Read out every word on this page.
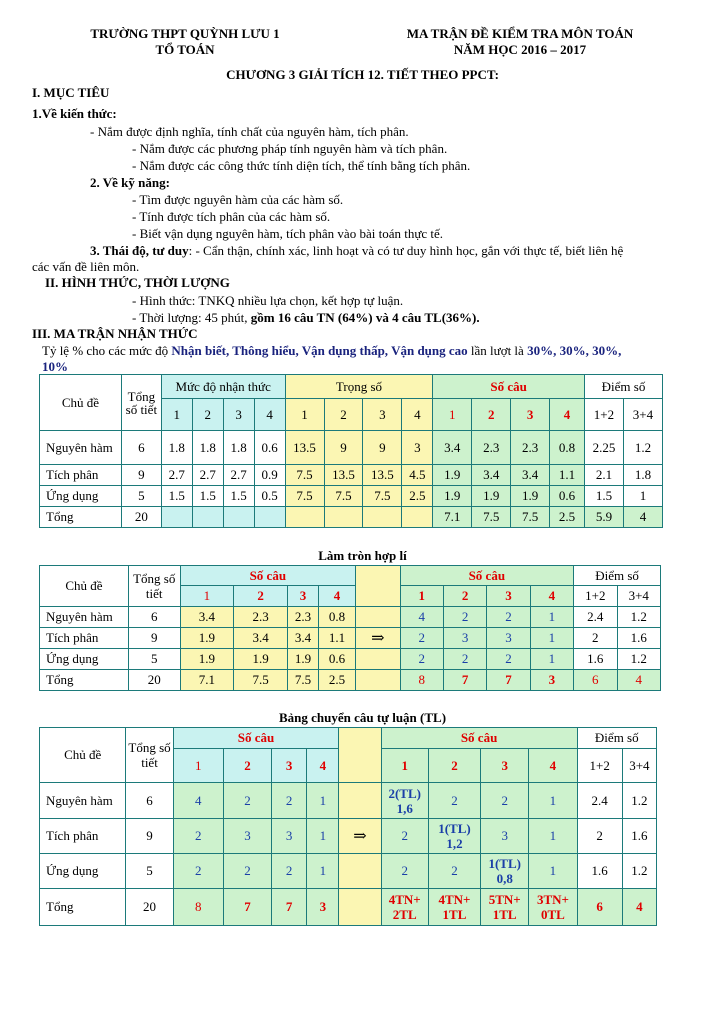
TRƯỜNG THPT QUỲNH LƯU 1
TỔ TOÁN
MA TRẬN ĐỀ KIỂM TRA MÔN TOÁN
NĂM HỌC 2016 – 2017
CHƯƠNG 3 GIẢI TÍCH 12. TIẾT THEO PPCT:
I. MỤC TIÊU
1.Về kiến thức:
- Nắm được định nghĩa, tính chất của nguyên hàm, tích phân.
- Nắm được các phương pháp tính nguyên hàm và tích phân.
- Nắm được các công thức tính diện tích, thể tính bằng tích phân.
2. Về kỹ năng:
- Tìm được nguyên hàm của các hàm số.
- Tính được tích phân của các hàm số.
- Biết vận dụng nguyên hàm, tích phân vào bài toán thực tế.
3. Thái độ, tư duy: - Cẩn thận, chính xác, linh hoạt và có tư duy hình học, gắn với thực tế, biết liên hệ
các vấn đề liên môn.
II. HÌNH THỨC, THỜI LƯỢNG
- Hình thức: TNKQ nhiều lựa chọn, kết hợp tự luận.
- Thời lượng: 45 phút, gồm 16 câu TN (64%) và 4 câu TL(36%).
III. MA TRẬN NHẬN THỨC
Tỷ lệ % cho các mức độ Nhận biết, Thông hiểu, Vận dụng thấp, Vận dụng cao lần lượt là 30%, 30%, 30%,
10%
Chủ đề	Tổng số tiết	Mức độ nhận thức				Trọng số				Số câu				Điểm số	
		1	2	3	4	1	2	3	4	1	2	3	4	1+2	3+4
Nguyên hàm	6	1.8	1.8	1.8	0.6	13.5	9	9	3	3.4	2.3	2.3	0.8	2.25	1.2
Tích phân	9	2.7	2.7	2.7	0.9	7.5	13.5	13.5	4.5	1.9	3.4	3.4	1.1	2.1	1.8
Ứng dụng	5	1.5	1.5	1.5	0.5	7.5	7.5	7.5	2.5	1.9	1.9	1.9	0.6	1.5	1
Tổng	20									7.1	7.5	7.5	2.5	5.9	4
Làm tròn hợp lí
Chủ đề	Tổng số tiết	Số câu					Số câu				Điểm số	
		1	2	3	4		1	2	3	4	1+2	3+4
Nguyên hàm	6	3.4	2.3	2.3	0.8		4	2	2	1	2.4	1.2
Tích phân	9	1.9	3.4	3.4	1.1	⇒	2	3	3	1	2	1.6
Ứng dụng	5	1.9	1.9	1.9	0.6		2	2	2	1	1.6	1.2
Tổng	20	7.1	7.5	7.5	2.5		8	7	7	3	6	4
Bảng chuyển câu tự luận (TL)
Chủ đề	Tổng số tiết	Số câu					Số câu				Điểm số	
		1	2	3	4		1	2	3	4	1+2	3+4
Nguyên hàm	6	4	2	2	1		2(TL) 1,6	2	2	1	2.4	1.2
Tích phân	9	2	3	3	1	⇒	2	1(TL) 1,2	3	1	2	1.6
Ứng dụng	5	2	2	2	1		2	2	1(TL) 0,8	1	1.6	1.2
Tổng	20	8	7	7	3		4TN+ 2TL	4TN+ 1TL	5TN+ 1TL	3TN+ 0TL	6	4
